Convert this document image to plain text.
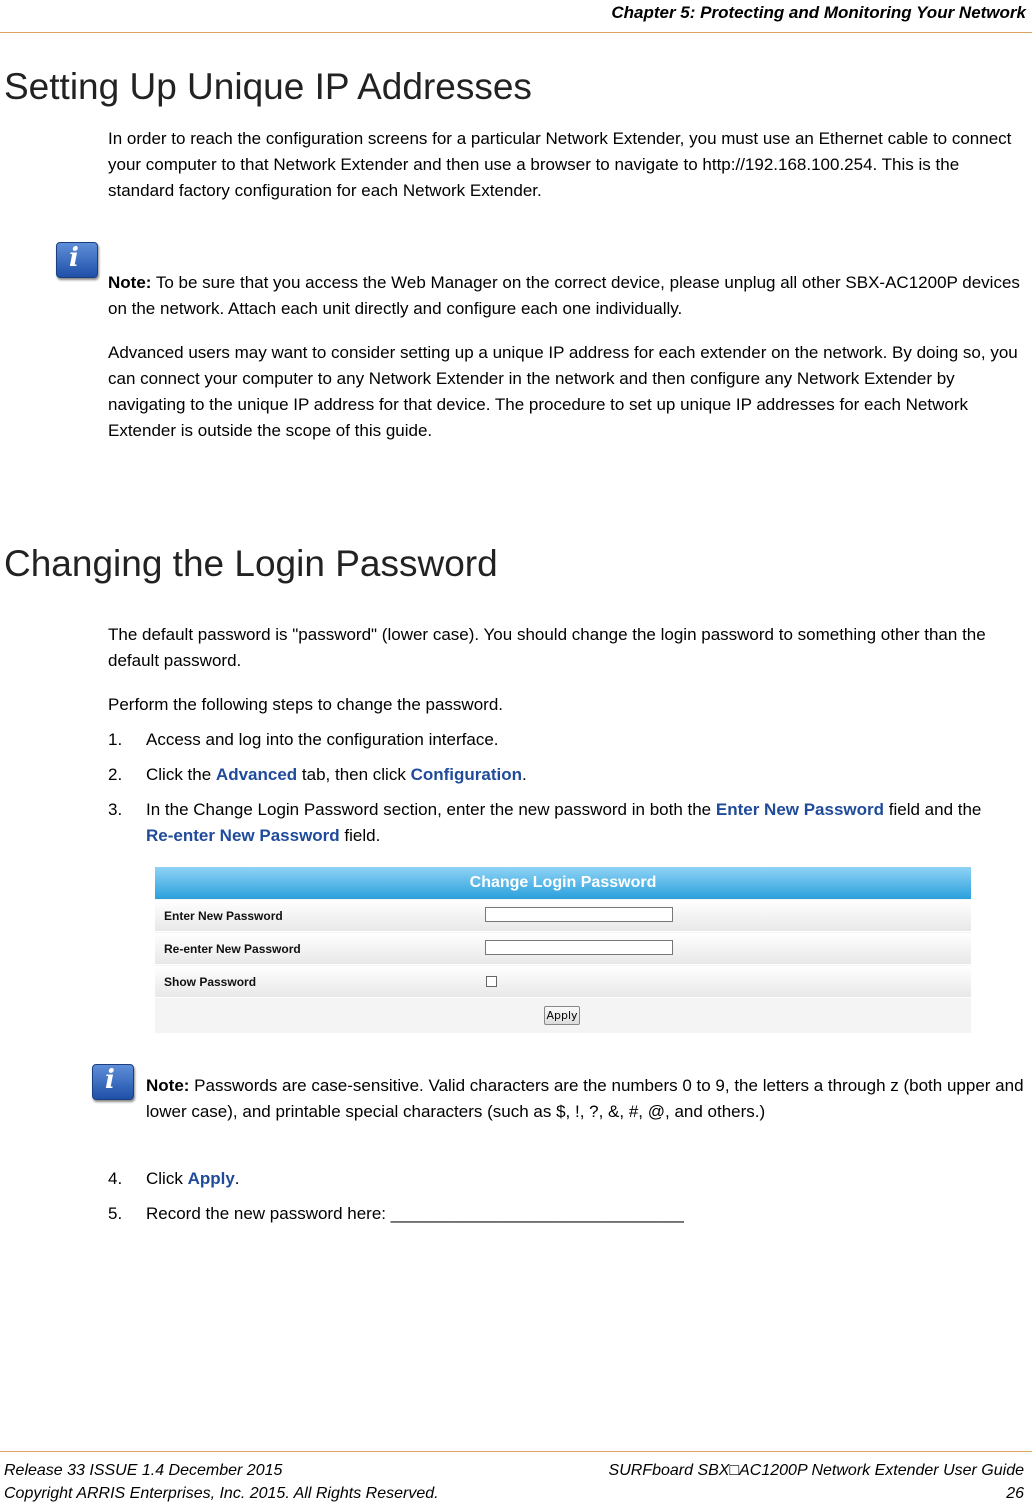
Chapter 5: Protecting and Monitoring Your Network
Setting Up Unique IP Addresses

In order to reach the configuration screens for a particular Network Extender, you must use an Ethernet cable to connect your computer to that Network Extender and then use a browser to navigate to http://192.168.100.254. This is the standard factory configuration for each Network Extender.

i

Note: To be sure that you access the Web Manager on the correct device, please unplug all other SBX-AC1200P devices on the network. Attach each unit directly and configure each one individually.

Advanced users may want to consider setting up a unique IP address for each extender on the network. By doing so, you can connect your computer to any Network Extender in the network and then configure any Network Extender by navigating to the unique IP address for that device. The procedure to set up unique IP addresses for each Network Extender is outside the scope of this guide.

Changing the Login Password

The default password is "password" (lower case). You should change the login password to something other than the default password.

Perform the following steps to change the password.

1.	Access and log into the configuration interface.
2.	Click the Advanced tab, then click Configuration.
3.	In the Change Login Password section, enter the new password in both the Enter New Password field and the Re-enter New Password field.
Change Login Password
Enter New Password
Re-enter New Password
Show Password
Apply
i Note: Passwords are case-sensitive. Valid characters are the numbers 0 to 9, the letters a through z (both upper and lower case), and printable special characters (such as $, !, ?, &, #, @, and others.)

4.	Click Apply.
5.	Record the new password here: _______________________________
Release 33 ISSUE 1.4 December 2015	SURFboard SBX□AC1200P Network Extender User Guide
Copyright ARRIS Enterprises, Inc. 2015. All Rights Reserved.	26
